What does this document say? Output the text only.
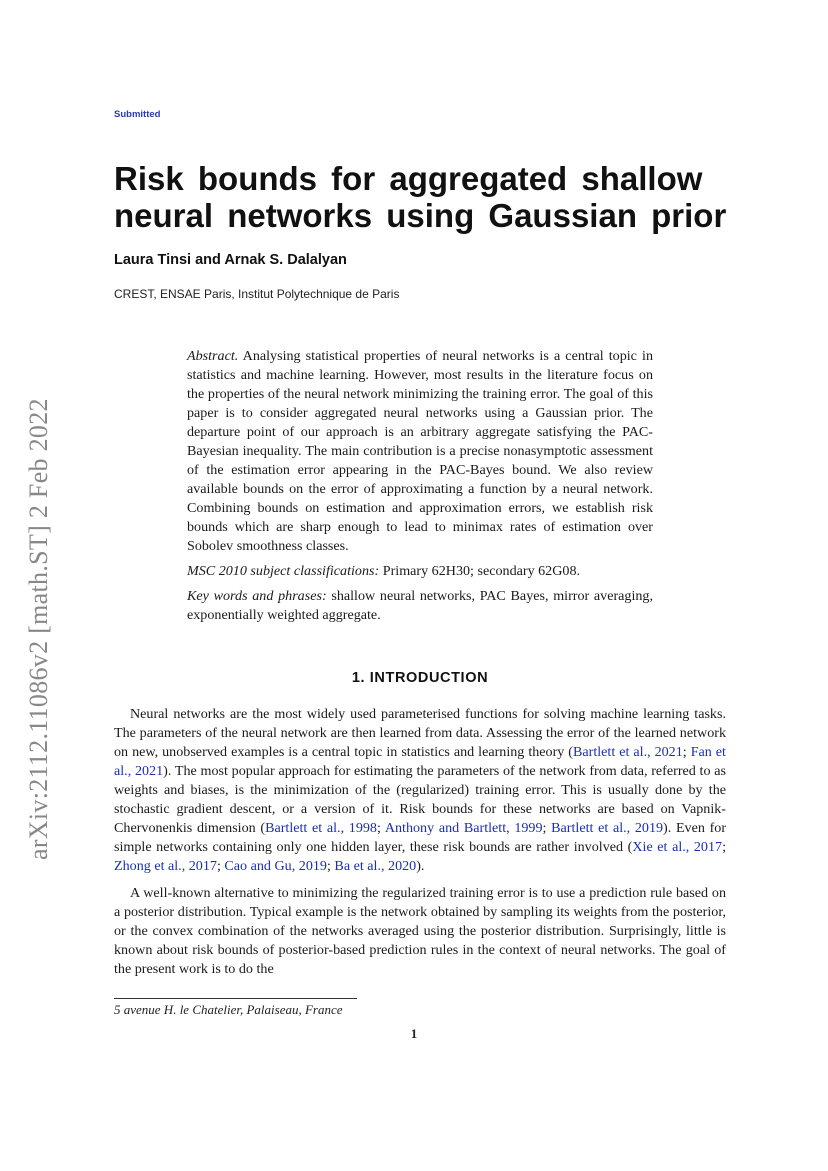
Submitted
Risk bounds for aggregated shallow
neural networks using Gaussian prior
Laura Tinsi and Arnak S. Dalalyan
CREST, ENSAE Paris, Institut Polytechnique de Paris
arXiv:2112.11086v2 [math.ST] 2 Feb 2022

Abstract. Analysing statistical properties of neural networks is a central topic in statistics and machine learning. However, most results in the literature focus on the properties of the neural network minimizing the training error. The goal of this paper is to consider aggregated neural networks using a Gaussian prior. The departure point of our approach is an arbitrary aggregate satisfying the PAC-Bayesian inequality. The main contribution is a precise nonasymptotic assessment of the estimation error appearing in the PAC-Bayes bound. We also review available bounds on the error of approximating a function by a neural network. Combining bounds on estimation and approximation errors, we establish risk bounds which are sharp enough to lead to minimax rates of estimation over Sobolev smoothness classes.

MSC 2010 subject classifications: Primary 62H30; secondary 62G08.

Key words and phrases: shallow neural networks, PAC Bayes, mirror averaging, exponentially weighted aggregate.

1. INTRODUCTION

Neural networks are the most widely used parameterised functions for solving machine learning tasks. The parameters of the neural network are then learned from data. Assessing the error of the learned network on new, unobserved examples is a central topic in statistics and learning theory (Bartlett et al., 2021; Fan et al., 2021). The most popular approach for estimating the parameters of the network from data, referred to as weights and biases, is the minimization of the (regularized) training error. This is usually done by the stochastic gradient descent, or a version of it. Risk bounds for these networks are based on Vapnik-Chervonenkis dimension (Bartlett et al., 1998; Anthony and Bartlett, 1999; Bartlett et al., 2019). Even for simple networks containing only one hidden layer, these risk bounds are rather involved (Xie et al., 2017; Zhong et al., 2017; Cao and Gu, 2019; Ba et al., 2020).

A well-known alternative to minimizing the regularized training error is to use a prediction rule based on a posterior distribution. Typical example is the network obtained by sampling its weights from the posterior, or the convex combination of the networks averaged using the posterior distribution. Surprisingly, little is known about risk bounds of posterior-based prediction rules in the context of neural networks. The goal of the present work is to do the

5 avenue H. le Chatelier, Palaiseau, France
1
